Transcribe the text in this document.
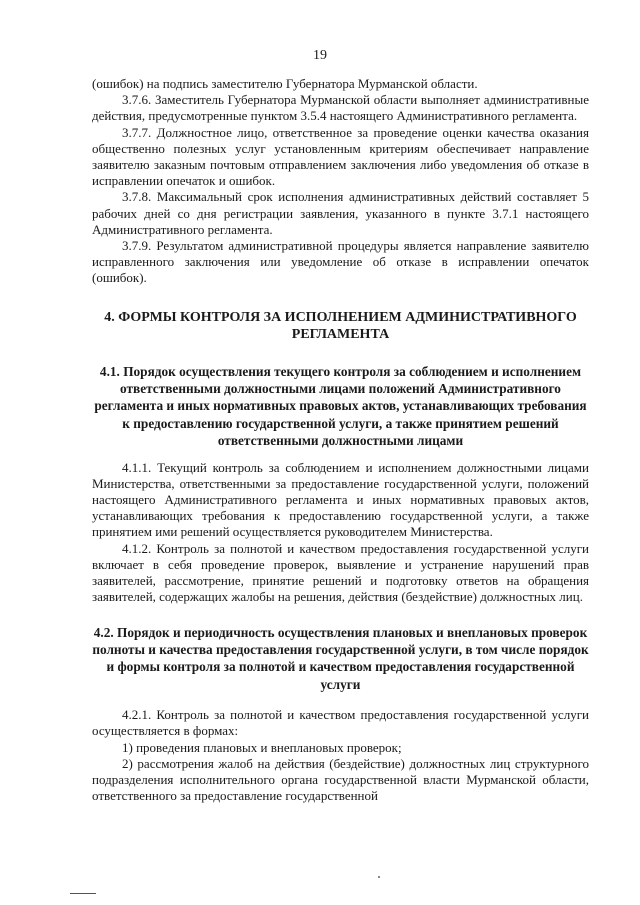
19

(ошибок) на подпись заместителю Губернатора Мурманской области.

3.7.6. Заместитель Губернатора Мурманской области выполняет административные действия, предусмотренные пунктом 3.5.4 настоящего Административного регламента.

3.7.7. Должностное лицо, ответственное за проведение оценки качества оказания общественно полезных услуг установленным критериям обеспечивает направление заявителю заказным почтовым отправлением заключения либо уведомления об отказе в исправлении опечаток и ошибок.

3.7.8. Максимальный срок исполнения административных действий составляет 5 рабочих дней со дня регистрации заявления, указанного в пункте 3.7.1 настоящего Административного регламента.

3.7.9. Результатом административной процедуры является направление заявителю исправленного заключения или уведомление об отказе в исправлении опечаток (ошибок).

4. ФОРМЫ КОНТРОЛЯ ЗА ИСПОЛНЕНИЕМ АДМИНИСТРАТИВНОГО РЕГЛАМЕНТА
4.1. Порядок осуществления текущего контроля за соблюдением и исполнением ответственными должностными лицами положений Административного регламента и иных нормативных правовых актов, устанавливающих требования к предоставлению государственной услуги, а также принятием решений ответственными должностными лицами

4.1.1. Текущий контроль за соблюдением и исполнением должностными лицами Министерства, ответственными за предоставление государственной услуги, положений настоящего Административного регламента и иных нормативных правовых актов, устанавливающих требования к предоставлению государственной услуги, а также принятием ими решений осуществляется руководителем Министерства.

4.1.2. Контроль за полнотой и качеством предоставления государственной услуги включает в себя проведение проверок, выявление и устранение нарушений прав заявителей, рассмотрение, принятие решений и подготовку ответов на обращения заявителей, содержащих жалобы на решения, действия (бездействие) должностных лиц.

4.2. Порядок и периодичность осуществления плановых и внеплановых проверок полноты и качества предоставления государственной услуги, в том числе порядок и формы контроля за полнотой и качеством предоставления государственной услуги

4.2.1. Контроль за полнотой и качеством предоставления государственной услуги осуществляется в формах:

1) проведения плановых и внеплановых проверок;

2) рассмотрения жалоб на действия (бездействие) должностных лиц структурного подразделения исполнительного органа государственной власти Мурманской области, ответственного за предоставление государственной
